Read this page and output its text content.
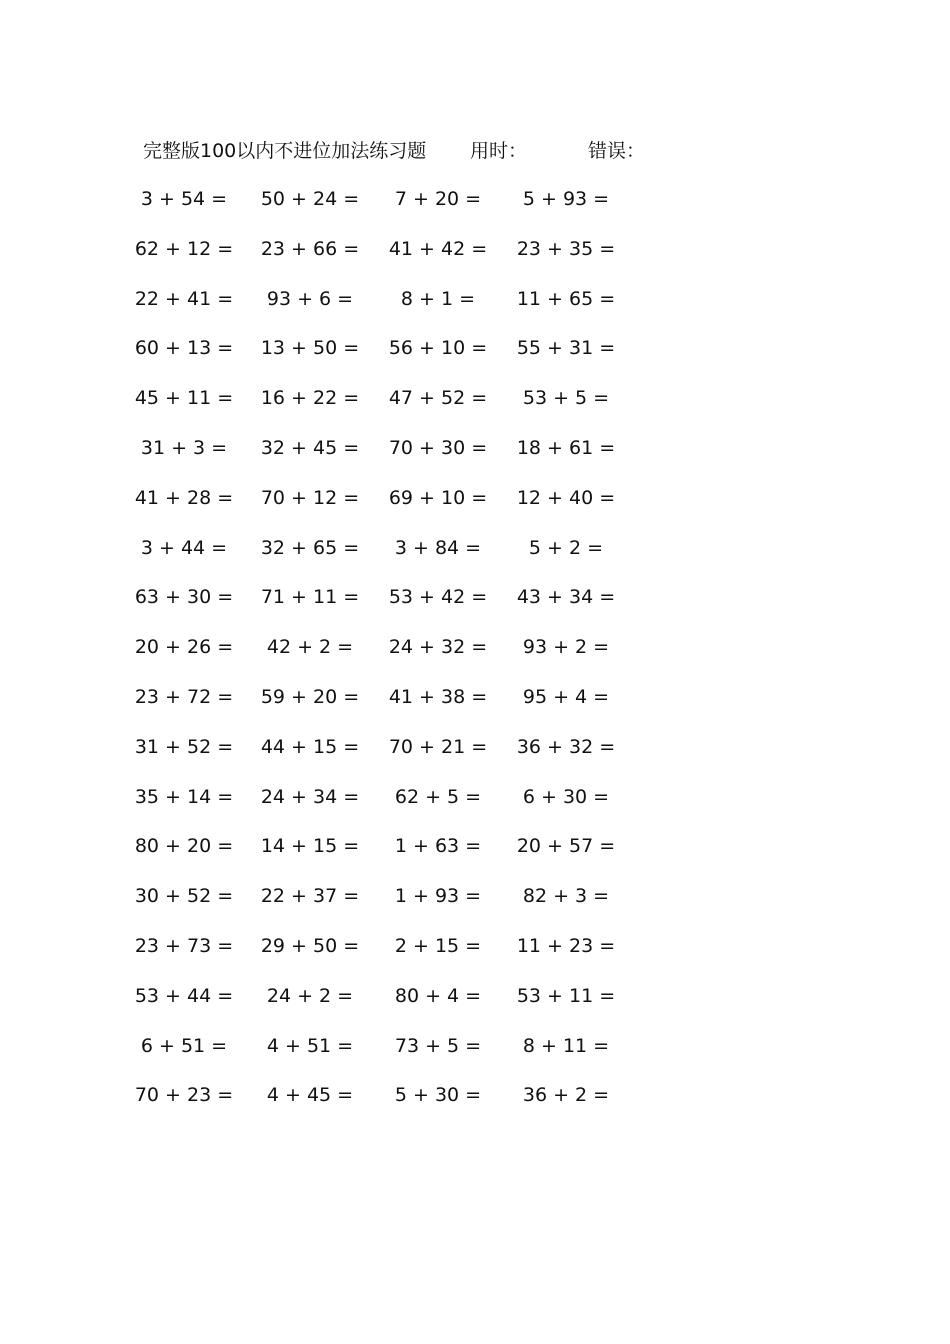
完整版100以内不进位加法练习题 用时：	错误：
3 + 54 = 50 + 24 = 7 + 20 = 5 + 93 =
62 + 12 = 23 + 66 = 41 + 42 = 23 + 35 =
22 + 41 = 93 + 6 =	8 + 1 = 11 + 65 =
60 + 13 = 13 + 50 = 56 + 10 = 55 + 31 =
45 + 11 = 16 + 22 = 47 + 52 = 53 + 5 =
31 + 3 = 32 + 45 = 70 + 30 = 18 + 61 =
41 + 28 = 70 + 12 = 69 + 10 = 12 + 40 =
3 + 44 = 32 + 65 = 3 + 84 =	5 + 2 =
63 + 30 = 71 + 11 = 53 + 42 = 43 + 34 =
20 + 26 = 42 + 2 = 24 + 32 = 93 + 2 =
23 + 72 = 59 + 20 = 41 + 38 = 95 + 4 =
31 + 52 = 44 + 15 = 70 + 21 = 36 + 32 =
35 + 14 = 24 + 34 = 62 + 5 = 6 + 30 =
80 + 20 = 14 + 15 = 1 + 63 = 20 + 57 =
30 + 52 = 22 + 37 = 1 + 93 = 82 + 3 =
23 + 73 = 29 + 50 = 2 + 15 = 11 + 23 =
53 + 44 = 24 + 2 = 80 + 4 = 53 + 11 =
6 + 51 = 4 + 51 = 73 + 5 = 8 + 11 =
70 + 23 = 4 + 45 = 5 + 30 = 36 + 2 =
